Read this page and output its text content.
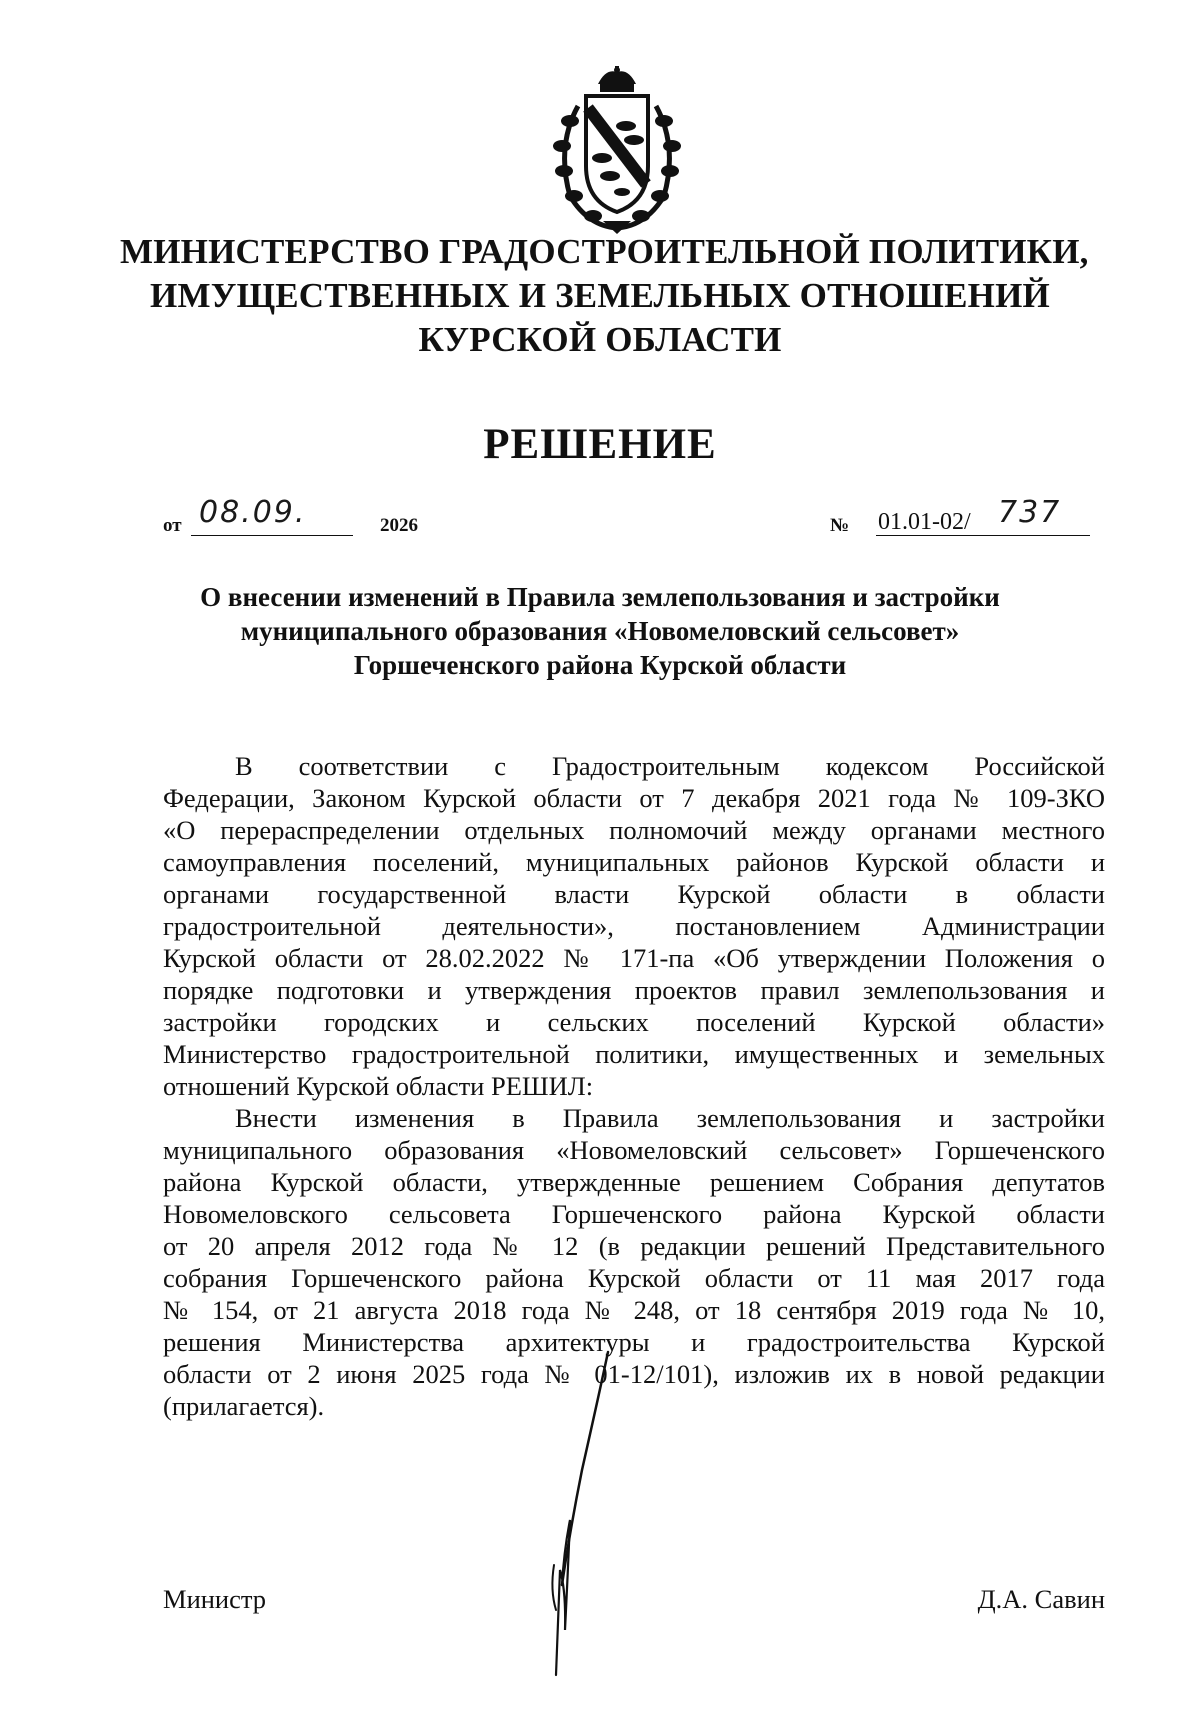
МИНИСТЕРСТВО ГРАДОСТРОИТЕЛЬНОЙ ПОЛИТИКИ,
ИМУЩЕСТВЕННЫХ И ЗЕМЕЛЬНЫХ ОТНОШЕНИЙ
КУРСКОЙ ОБЛАСТИ
РЕШЕНИЕ
от 08.09.	2026	№ 01.01-02/ 737
О внесении изменений в Правила землепользования и застройки
муниципального образования «Новомеловский сельсовет»
Горшеченского района Курской области
В соответствии с Градостроительным кодексом Российской
Федерации, Законом Курской области от 7 декабря 2021 года № 109-ЗКО
«О перераспределении отдельных полномочий между органами местного
самоуправления поселений, муниципальных районов Курской области и
органами государственной власти Курской области в области
градостроительной деятельности», постановлением Администрации
Курской области от 28.02.2022 № 171-па «Об утверждении Положения о
порядке подготовки и утверждения проектов правил землепользования и
застройки городских и сельских поселений Курской области»
Министерство градостроительной политики, имущественных и земельных
отношений Курской области РЕШИЛ:
Внести изменения в Правила землепользования и застройки
муниципального образования «Новомеловский сельсовет» Горшеченского
района Курской области, утвержденные решением Собрания депутатов
Новомеловского сельсовета Горшеченского района Курской области
от 20 апреля 2012 года № 12 (в редакции решений Представительного
собрания Горшеченского района Курской области от 11 мая 2017 года
№ 154, от 21 августа 2018 года № 248, от 18 сентября 2019 года № 10,
решения Министерства архитектуры и градостроительства Курской
области от 2 июня 2025 года № 01-12/101), изложив их в новой редакции
(прилагается).
Министр	Д.А. Савин
